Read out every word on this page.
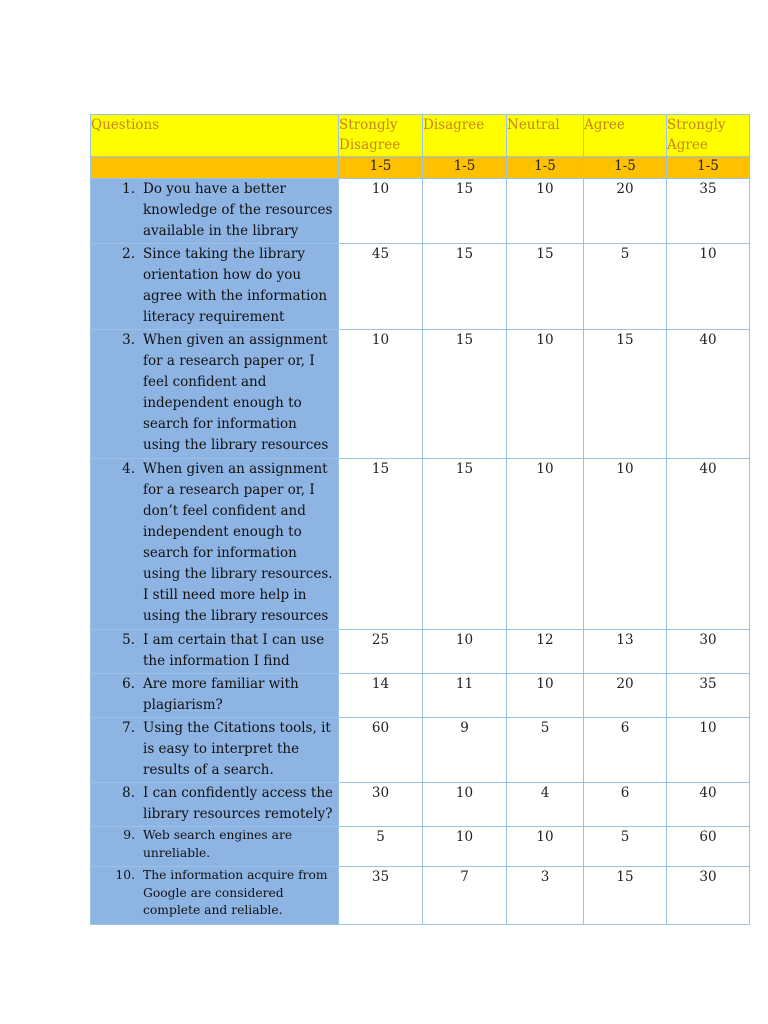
Questions	Strongly Disagree	Disagree	Neutral	Agree	Strongly Agree
	1-5	1-5	1-5	1-5	1-5

1. Do you have a better knowledge of the resources available in the library	10	15	10	20	35

2. Since taking the library orientation how do you agree with the information literacy requirement	45	15	15	5	10

3. When given an assignment for a research paper or, I feel confident and independent enough to search for information using the library resources	10	15	10	15	40

4. When given an assignment for a research paper or, I don’t feel confident and independent enough to search for information using the library resources. I still need more help in using the library resources	15	15	10	10	40

5. I am certain that I can use the information I find	25	10	12	13	30

6. Are more familiar with plagiarism?	14	11	10	20	35

7. Using the Citations tools, it is easy to interpret the results of a search.	60	9	5	6	10

8. I can confidently access the library resources remotely?	30	10	4	6	40

9. Web search engines are unreliable.	5	10	10	5	60

10. The information acquire from Google are considered complete and reliable.	35	7	3	15	30
